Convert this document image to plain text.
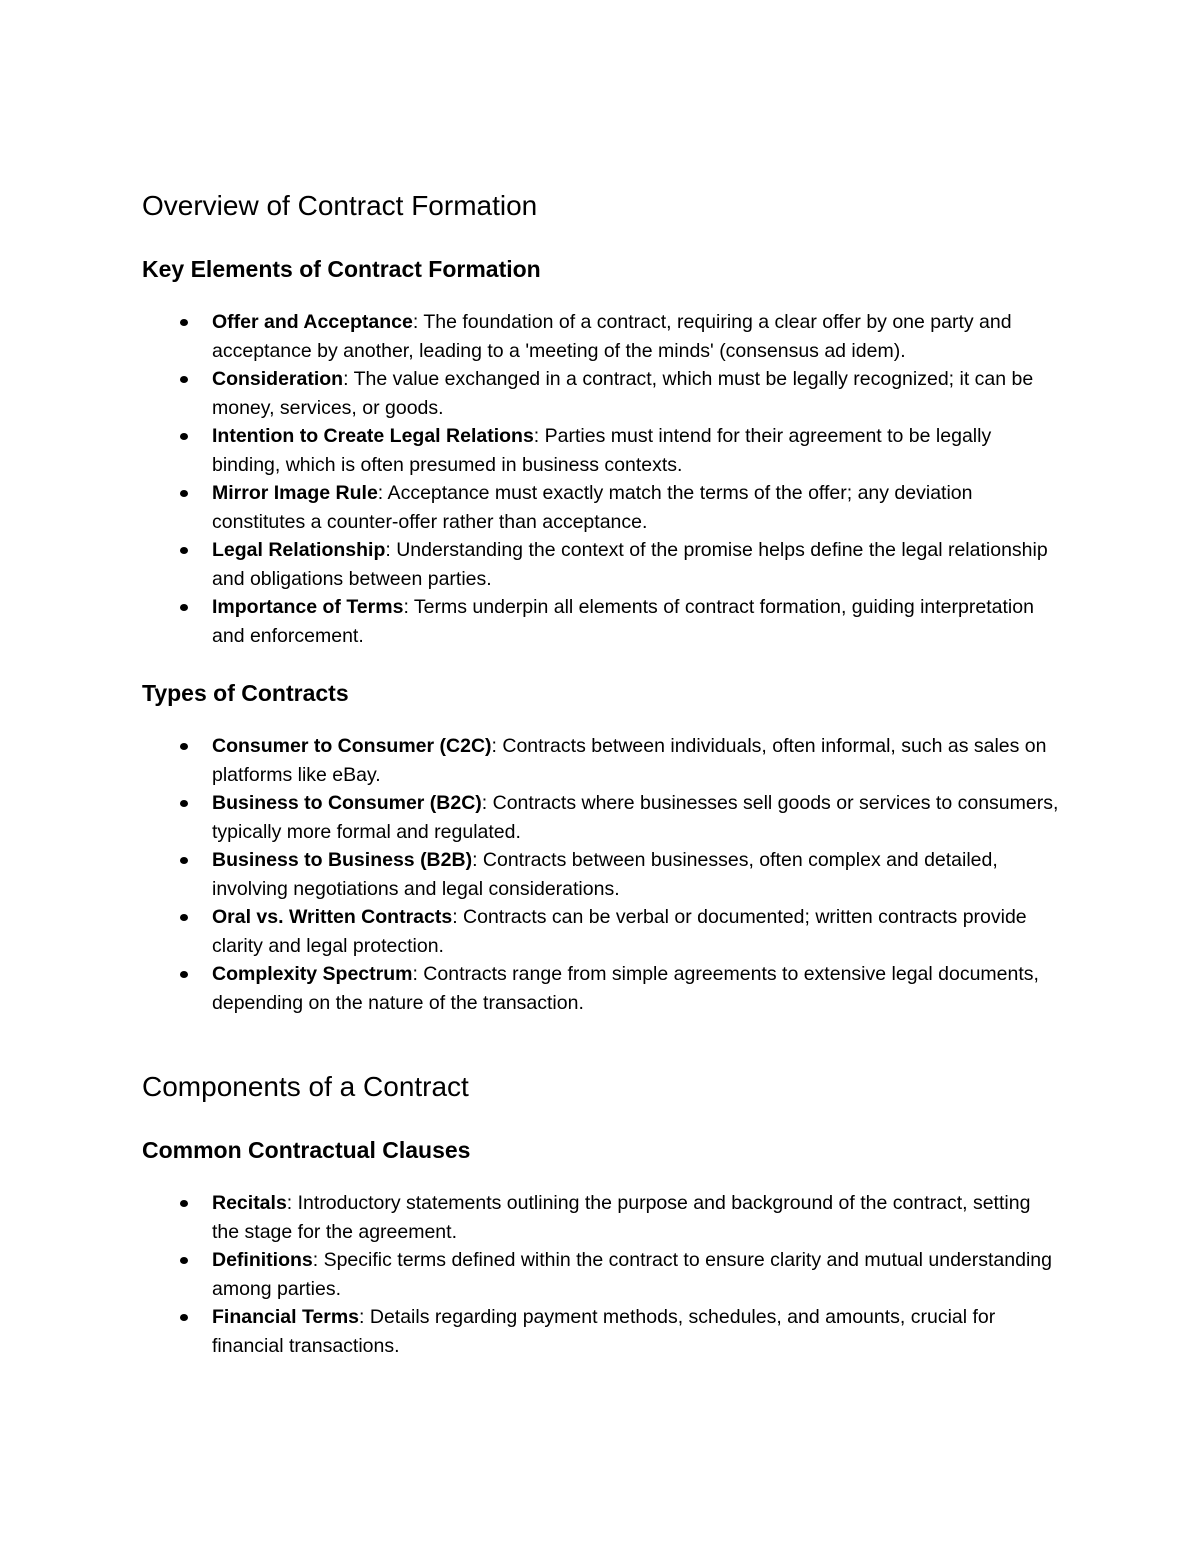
Overview of Contract Formation
Key Elements of Contract Formation
Offer and Acceptance: The foundation of a contract, requiring a clear offer by one party and acceptance by another, leading to a 'meeting of the minds' (consensus ad idem).
Consideration: The value exchanged in a contract, which must be legally recognized; it can be money, services, or goods.
Intention to Create Legal Relations: Parties must intend for their agreement to be legally binding, which is often presumed in business contexts.
Mirror Image Rule: Acceptance must exactly match the terms of the offer; any deviation constitutes a counter-offer rather than acceptance.
Legal Relationship: Understanding the context of the promise helps define the legal relationship and obligations between parties.
Importance of Terms: Terms underpin all elements of contract formation, guiding interpretation and enforcement.
Types of Contracts
Consumer to Consumer (C2C): Contracts between individuals, often informal, such as sales on platforms like eBay.
Business to Consumer (B2C): Contracts where businesses sell goods or services to consumers, typically more formal and regulated.
Business to Business (B2B): Contracts between businesses, often complex and detailed, involving negotiations and legal considerations.
Oral vs. Written Contracts: Contracts can be verbal or documented; written contracts provide clarity and legal protection.
Complexity Spectrum: Contracts range from simple agreements to extensive legal documents, depending on the nature of the transaction.
Components of a Contract
Common Contractual Clauses
Recitals: Introductory statements outlining the purpose and background of the contract, setting the stage for the agreement.
Definitions: Specific terms defined within the contract to ensure clarity and mutual understanding among parties.
Financial Terms: Details regarding payment methods, schedules, and amounts, crucial for financial transactions.
